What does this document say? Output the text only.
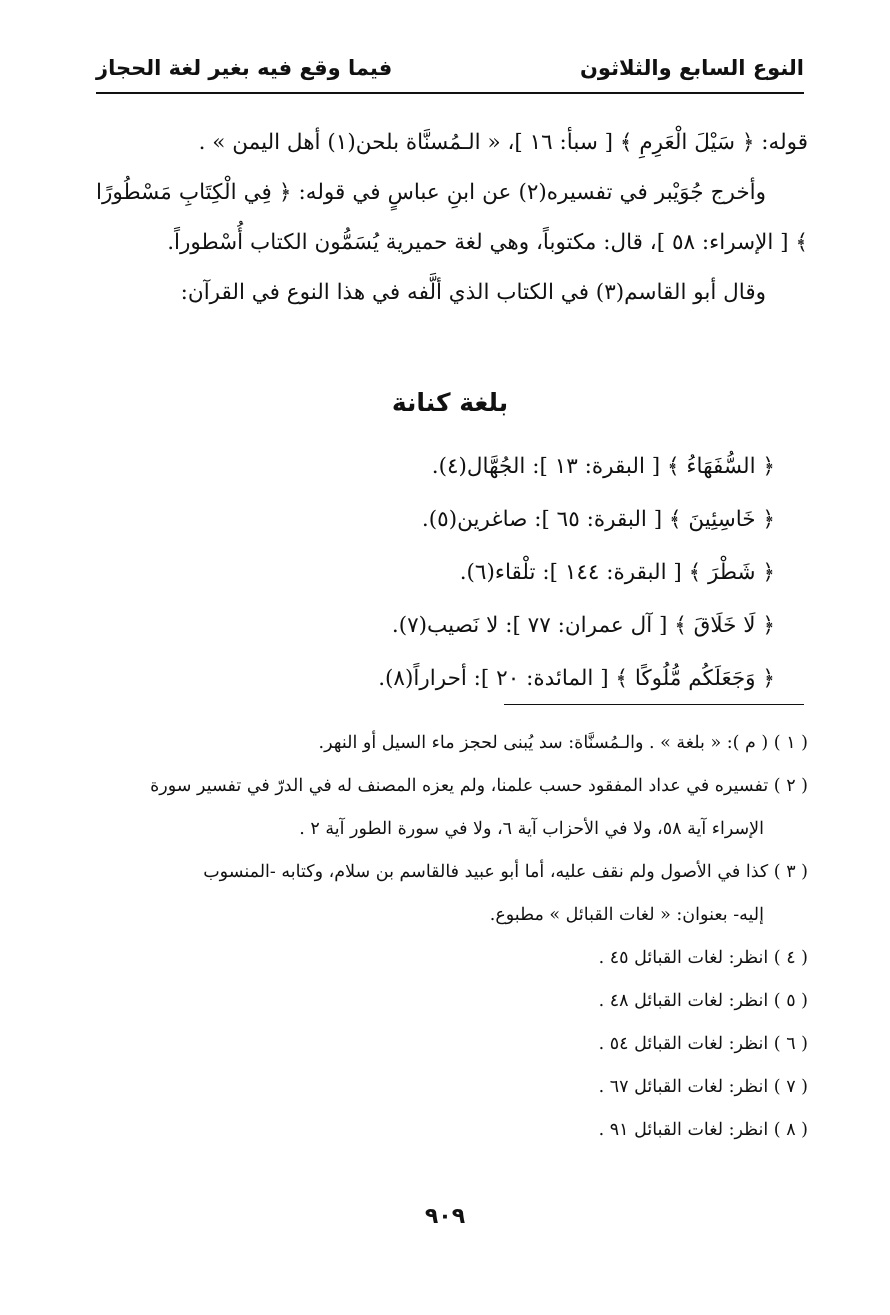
النوع السابع والثلاثون
فيما وقع فيه بغير لغة الحجاز

قوله: ﴿ سَيْلَ الْعَرِمِ ﴾ [ سبأ: ١٦ ]، « الـمُسنَّاة بلحن(١) أهل اليمن » .

وأخرج جُوَيْبر في تفسيره(٢) عن ابنِ عباسٍ في قوله: ﴿ فِي الْكِتَابِ مَسْطُورًا ﴾ [ الإسراء: ٥٨ ]، قال: مكتوباً، وهي لغة حميرية يُسَمُّون الكتاب أُسْطوراً.

وقال أبو القاسم(٣) في الكتاب الذي ألَّفه في هذا النوع في القرآن:

بلغة كنانة

﴿ السُّفَهَاءُ ﴾ [ البقرة: ١٣ ]: الجُهَّال(٤).

﴿ خَاسِئِينَ ﴾ [ البقرة: ٦٥ ]: صاغرين(٥).

﴿ شَطْرَ ﴾ [ البقرة: ١٤٤ ]: تلْقاء(٦).

﴿ لَا خَلَاقَ ﴾ [ آل عمران: ٧٧ ]: لا نَصيب(٧).

﴿ وَجَعَلَكُم مُّلُوكًا ﴾ [ المائدة: ٢٠ ]: أحراراً(٨).

( ١ ) ( م ): « بلغة » . والـمُسنَّاة: سد يُبنى لحجز ماء السيل أو النهر.

( ٢ ) تفسيره في عداد المفقود حسب علمنا، ولم يعزه المصنف له في الدرّ في تفسير سورة

الإسراء آية ٥٨، ولا في الأحزاب آية ٦، ولا في سورة الطور آية ٢ .

( ٣ ) كذا في الأصول ولم نقف عليه، أما أبو عبيد فالقاسم بن سلام، وكتابه -المنسوب

إليه- بعنوان: « لغات القبائل » مطبوع.

( ٤ ) انظر: لغات القبائل ٤٥ .

( ٥ ) انظر: لغات القبائل ٤٨ .

( ٦ ) انظر: لغات القبائل ٥٤ .

( ٧ ) انظر: لغات القبائل ٦٧ .

( ٨ ) انظر: لغات القبائل ٩١ .

٩٠٩
